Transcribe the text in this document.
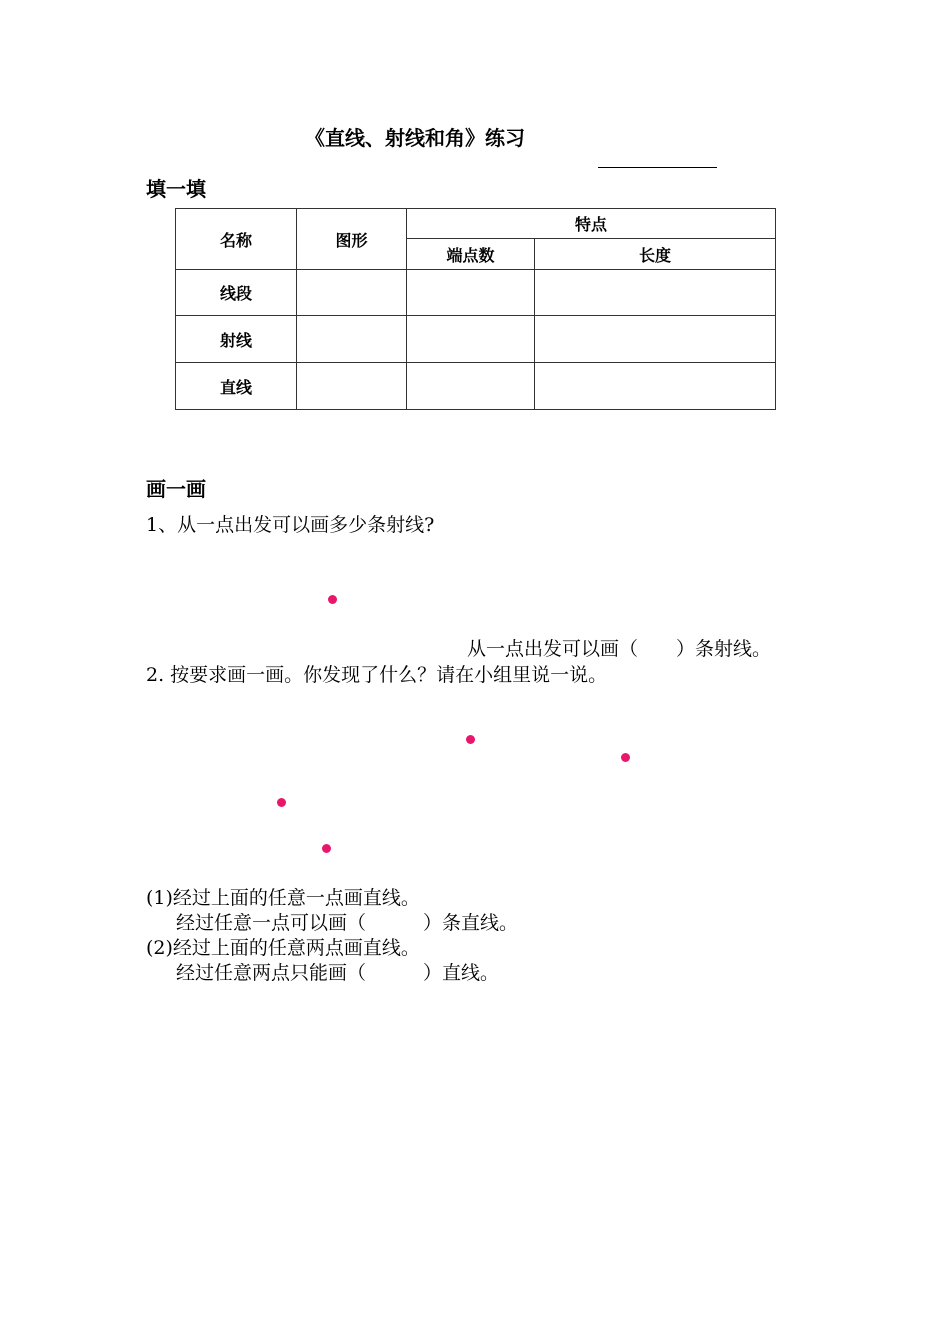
《直线、射线和角》练习
填一填
名称	图形	特点	
		端点数	长度
线段			
射线			
直线			
画一画
1、从一点出发可以画多少条射线?
从一点出发可以画（　　）条射线。
2. 按要求画一画。你发现了什么？请在小组里说一说。
(1)经过上面的任意一点画直线。
经过任意一点可以画（　　　）条直线。
(2)经过上面的任意两点画直线。
经过任意两点只能画（　　　）直线。
